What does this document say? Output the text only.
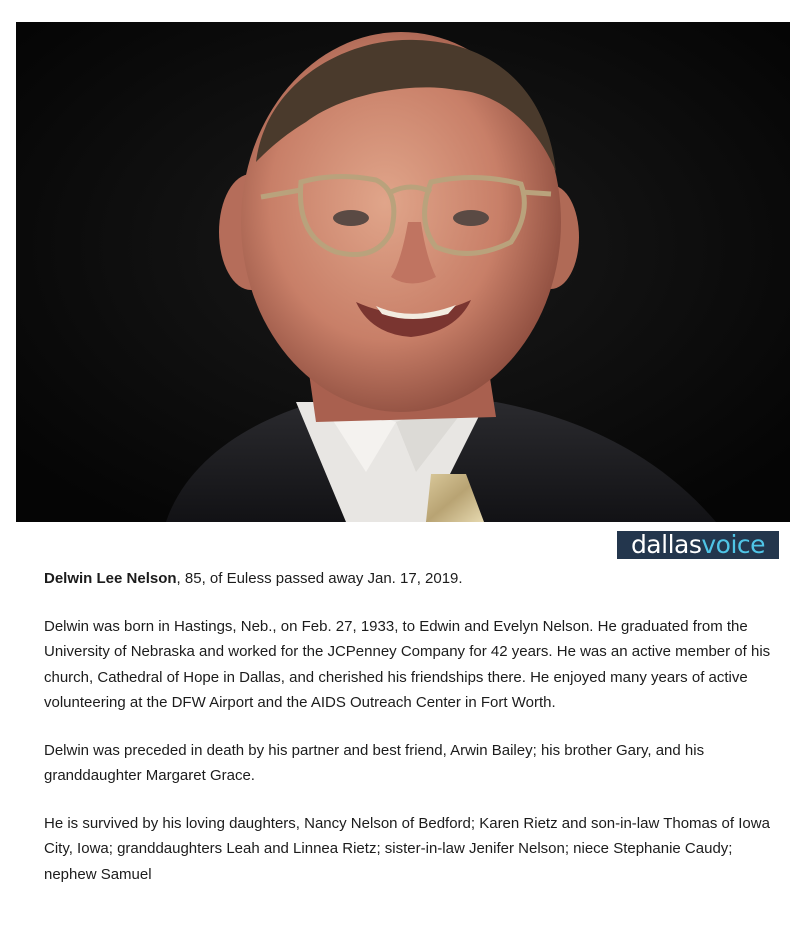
dallas voice

Delwin Lee Nelson, 85, of Euless passed away Jan. 17, 2019.

Delwin was born in Hastings, Neb., on Feb. 27, 1933, to Edwin and Evelyn Nelson. He graduated from the University of Nebraska and worked for the JCPenney Company for 42 years. He was an active member of his church, Cathedral of Hope in Dallas, and cherished his friendships there. He enjoyed many years of active volunteering at the DFW Airport and the AIDS Outreach Center in Fort Worth.

Delwin was preceded in death by his partner and best friend, Arwin Bailey; his brother Gary, and his granddaughter Margaret Grace.

He is survived by his loving daughters, Nancy Nelson of Bedford; Karen Rietz and son-in-law Thomas of Iowa City, Iowa; granddaughters Leah and Linnea Rietz; sister-in-law Jenifer Nelson; niece Stephanie Caudy; nephew Samuel
